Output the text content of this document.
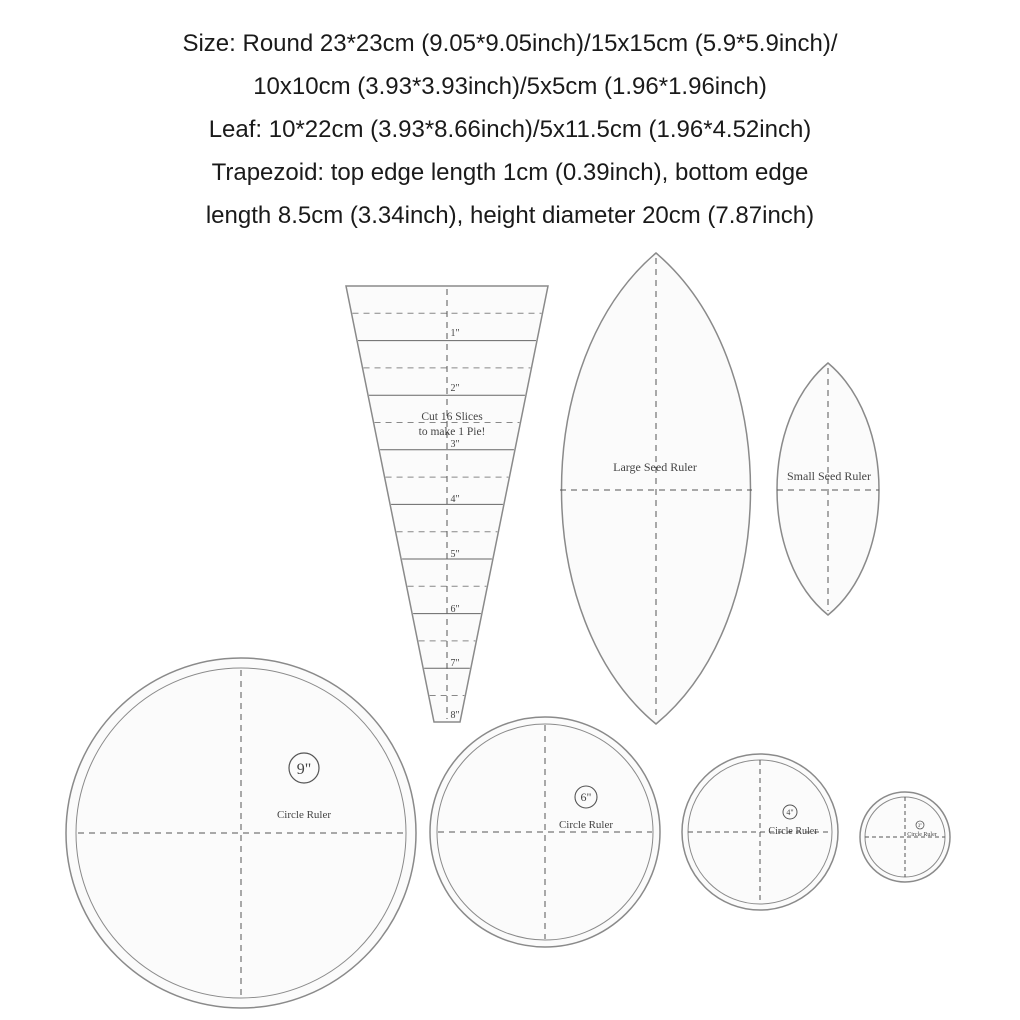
Size: Round 23*23cm (9.05*9.05inch)/15x15cm (5.9*5.9inch)/
10x10cm (3.93*3.93inch)/5x5cm (1.96*1.96inch)
Leaf: 10*22cm (3.93*8.66inch)/5x11.5cm (1.96*4.52inch)
Trapezoid: top edge length 1cm (0.39inch), bottom edge
length 8.5cm (3.34inch), height diameter 20cm (7.87inch)
1"
2"
3"
4"
5"
6"
7"
8"
Cut 16 Slices
to make 1 Pie!
Large Seed Ruler
Small Seed Ruler
9"
Circle Ruler
6"
Circle Ruler
4"
Circle Ruler	3"
Circle Ruler
